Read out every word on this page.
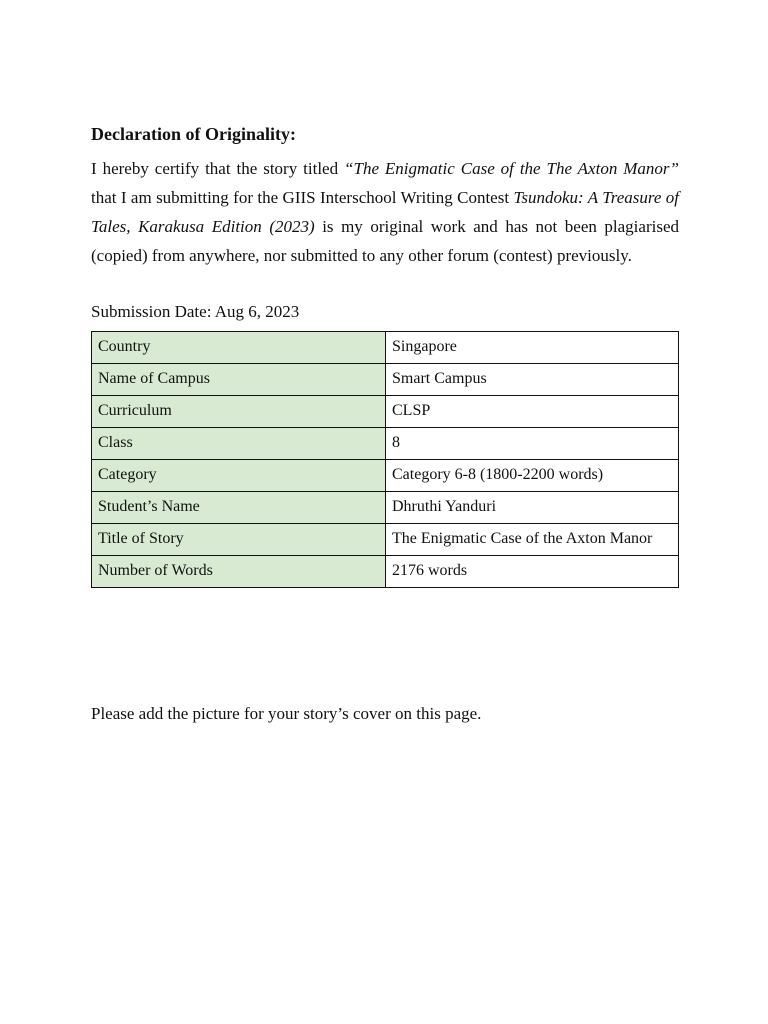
Declaration of Originality:

I hereby certify that the story titled “The Enigmatic Case of the The Axton Manor” that I am submitting for the GIIS Interschool Writing Contest Tsundoku: A Treasure of Tales, Karakusa Edition (2023) is my original work and has not been plagiarised (copied) from anywhere, nor submitted to any other forum (contest) previously.

Submission Date: Aug 6, 2023
Country	Singapore
Name of Campus	Smart Campus
Curriculum	CLSP
Class	8
Category	Category 6-8 (1800-2200 words)
Student’s Name	Dhruthi Yanduri
Title of Story	The Enigmatic Case of the Axton Manor
Number of Words	2176 words
Please add the picture for your story’s cover on this page.
